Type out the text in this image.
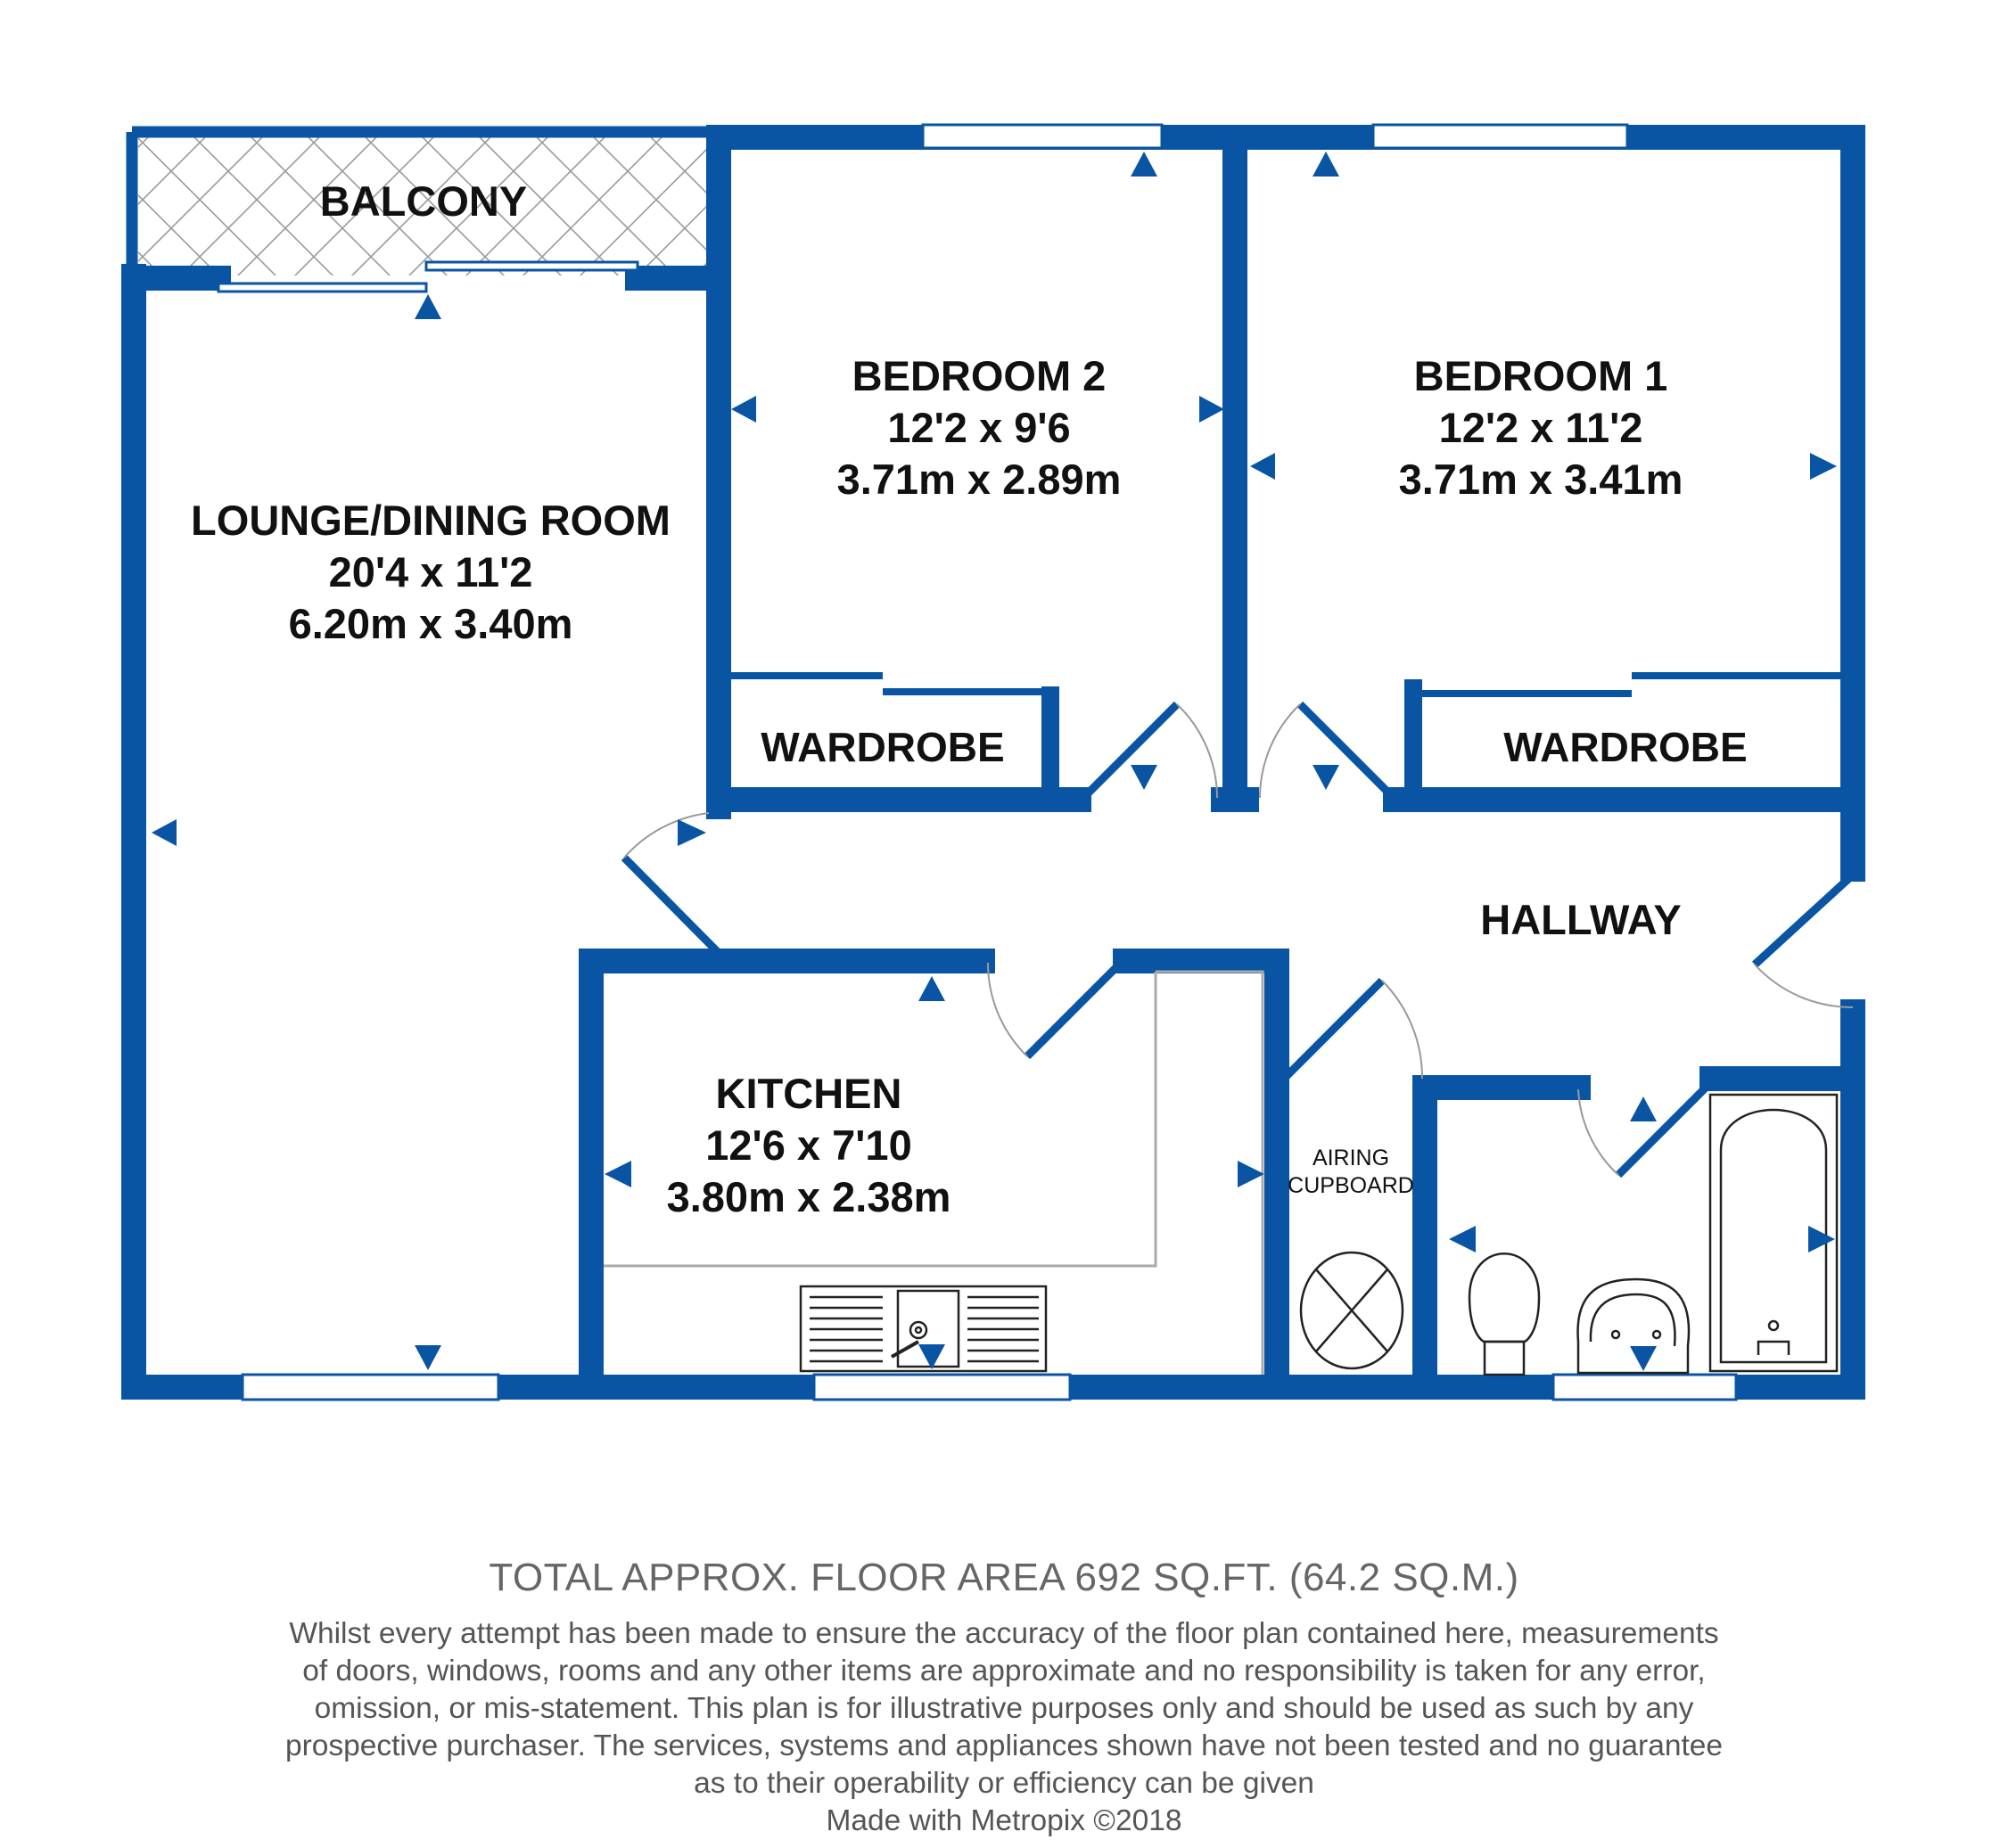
BALCONY
LOUNGE/DINING ROOM
20'4 x 11'2
6.20m x 3.40m
BEDROOM 2
12'2 x 9'6
3.71m x 2.89m
BEDROOM 1
12'2 x 11'2
3.71m x 3.41m
WARDROBE	WARDROBE
HALLWAY
KITCHEN
12'6 x 7'10
3.80m x 2.38m
AIRING
CUPBOARD
TOTAL APPROX. FLOOR AREA 692 SQ.FT. (64.2 SQ.M.)
Whilst every attempt has been made to ensure the accuracy of the floor plan contained here, measurements
of doors, windows, rooms and any other items are approximate and no responsibility is taken for any error,
omission, or mis-statement. This plan is for illustrative purposes only and should be used as such by any
prospective purchaser. The services, systems and appliances shown have not been tested and no guarantee
as to their operability or efficiency can be given
Made with Metropix ©2018
